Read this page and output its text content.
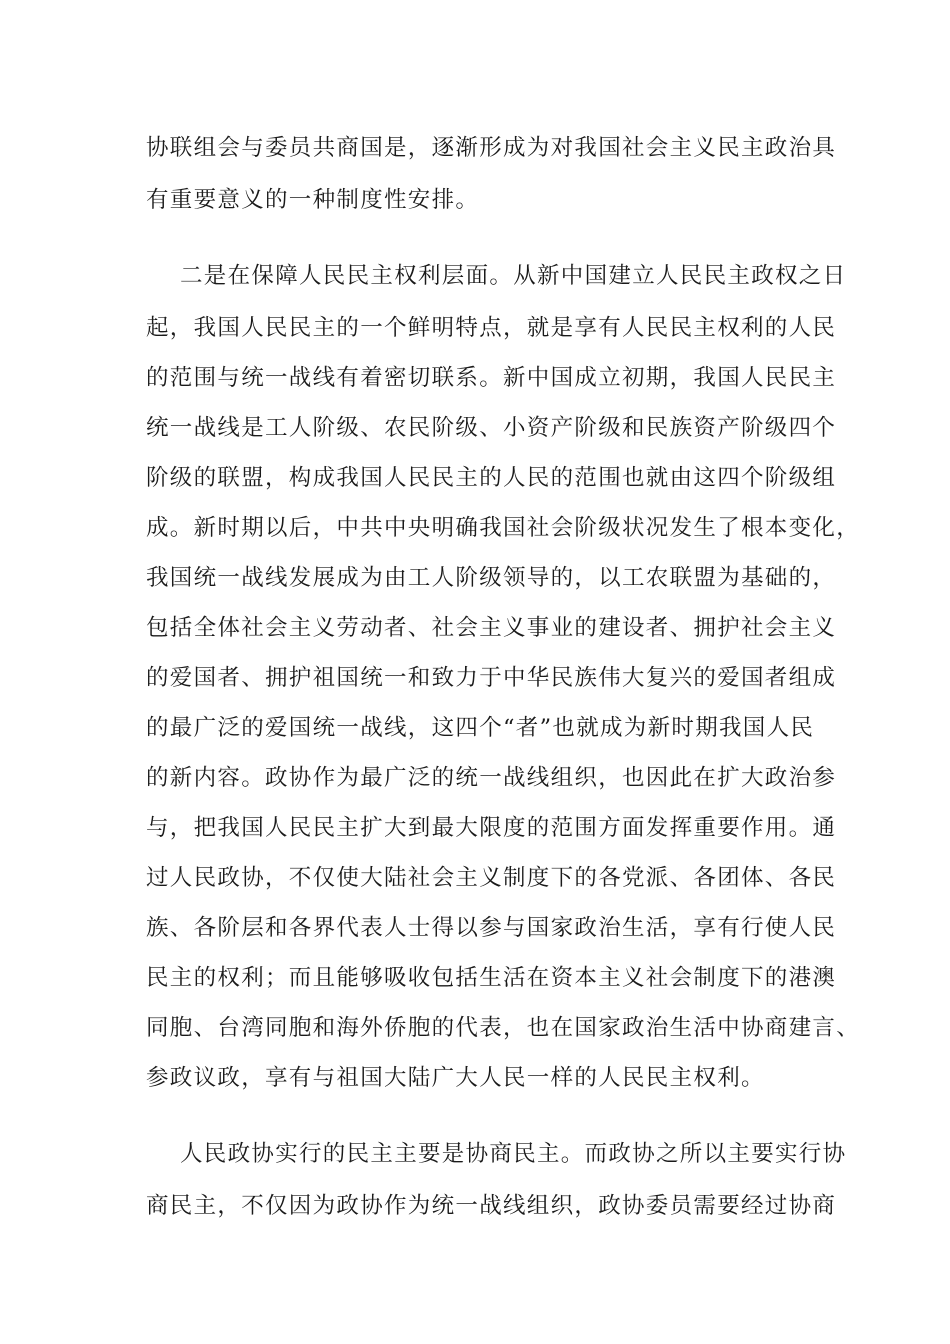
协联组会与委员共商国是，逐渐形成为对我国社会主义民主政治具
有重要意义的一种制度性安排。
二是在保障人民民主权利层面。从新中国建立人民民主政权之日
起，我国人民民主的一个鲜明特点，就是享有人民民主权利的人民
的范围与统一战线有着密切联系。新中国成立初期，我国人民民主
统一战线是工人阶级、农民阶级、小资产阶级和民族资产阶级四个
阶级的联盟，构成我国人民民主的人民的范围也就由这四个阶级组
成。新时期以后，中共中央明确我国社会阶级状况发生了根本变化，
我国统一战线发展成为由工人阶级领导的，以工农联盟为基础的，
包括全体社会主义劳动者、社会主义事业的建设者、拥护社会主义
的爱国者、拥护祖国统一和致力于中华民族伟大复兴的爱国者组成
的最广泛的爱国统一战线，这四个“者”也就成为新时期我国人民
的新内容。政协作为最广泛的统一战线组织，也因此在扩大政治参
与，把我国人民民主扩大到最大限度的范围方面发挥重要作用。通
过人民政协，不仅使大陆社会主义制度下的各党派、各团体、各民
族、各阶层和各界代表人士得以参与国家政治生活，享有行使人民
民主的权利；而且能够吸收包括生活在资本主义社会制度下的港澳
同胞、台湾同胞和海外侨胞的代表，也在国家政治生活中协商建言、
参政议政，享有与祖国大陆广大人民一样的人民民主权利。
人民政协实行的民主主要是协商民主。而政协之所以主要实行协
商民主，不仅因为政协作为统一战线组织，政协委员需要经过协商
